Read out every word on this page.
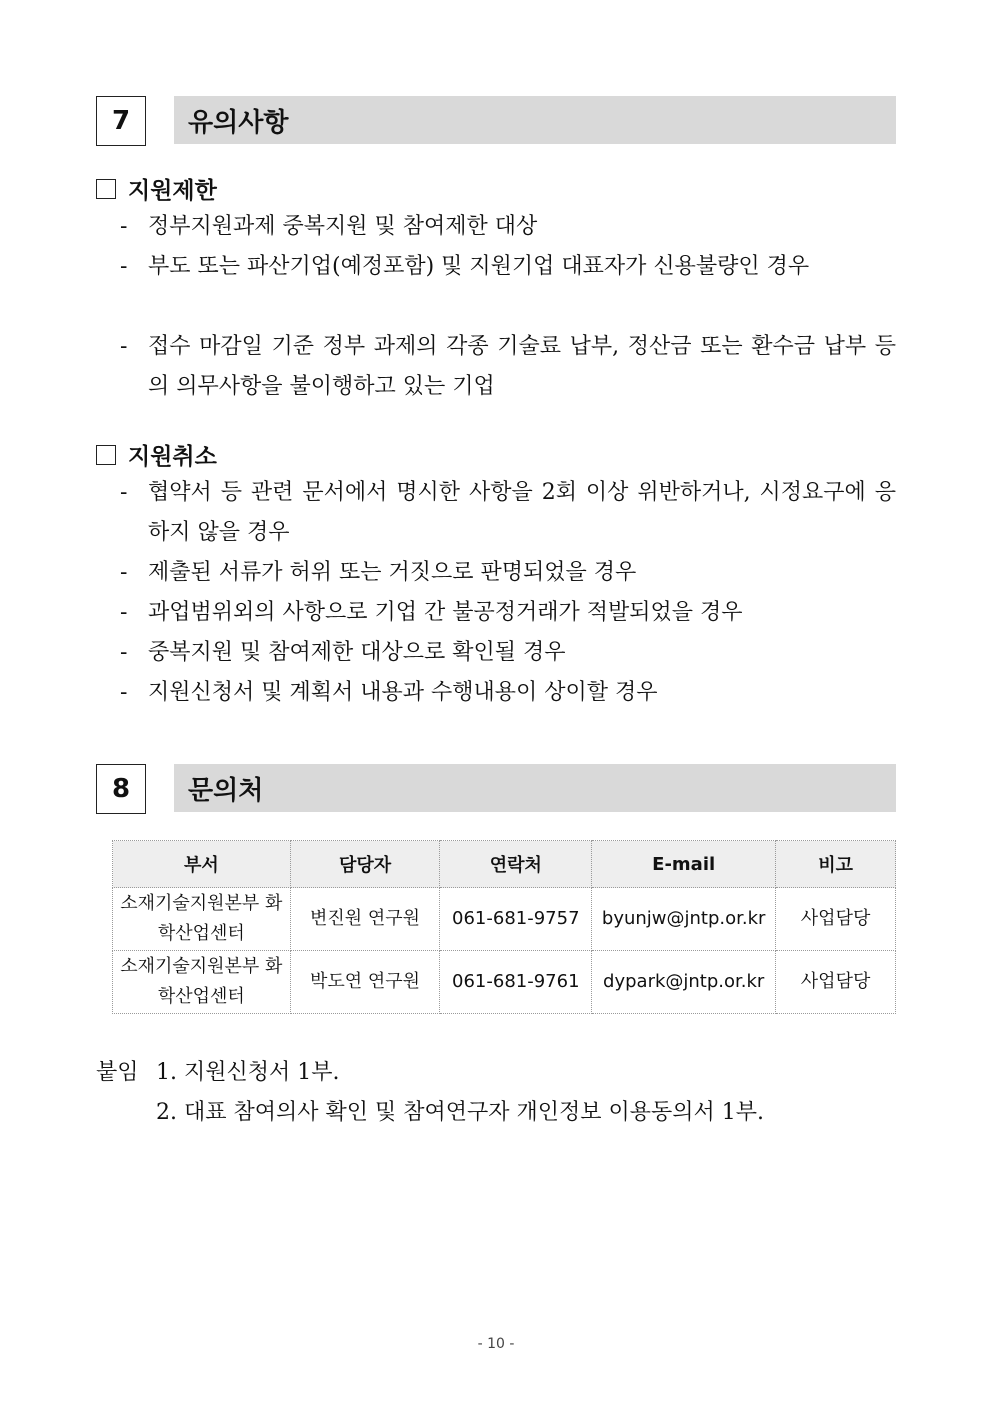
7	유의사항
지원제한
- 정부지원과제 중복지원 및 참여제한 대상
- 부도 또는 파산기업(예정포함) 및 지원기업 대표자가 신용불량인 경우
- 접수 마감일 기준 정부 과제의 각종 기술료 납부, 정산금 또는 환수금 납부 등의 의무사항을 불이행하고 있는 기업
지원취소
- 협약서 등 관련 문서에서 명시한 사항을 2회 이상 위반하거나, 시정요구에 응하지 않을 경우
- 제출된 서류가 허위 또는 거짓으로 판명되었을 경우
- 과업범위외의 사항으로 기업 간 불공정거래가 적발되었을 경우
- 중복지원 및 참여제한 대상으로 확인될 경우
- 지원신청서 및 계획서 내용과 수행내용이 상이할 경우
8	문의처
부서	담당자	연락처	E-mail	비고
소재기술지원본부 화학산업센터	변진원 연구원	061-681-9757	byunjw@jntp.or.kr	사업담당
소재기술지원본부 화학산업센터	박도연 연구원	061-681-9761	dypark@jntp.or.kr	사업담당
붙임 1. 지원신청서 1부.
2. 대표 참여의사 확인 및 참여연구자 개인정보 이용동의서 1부.
- 10 -
